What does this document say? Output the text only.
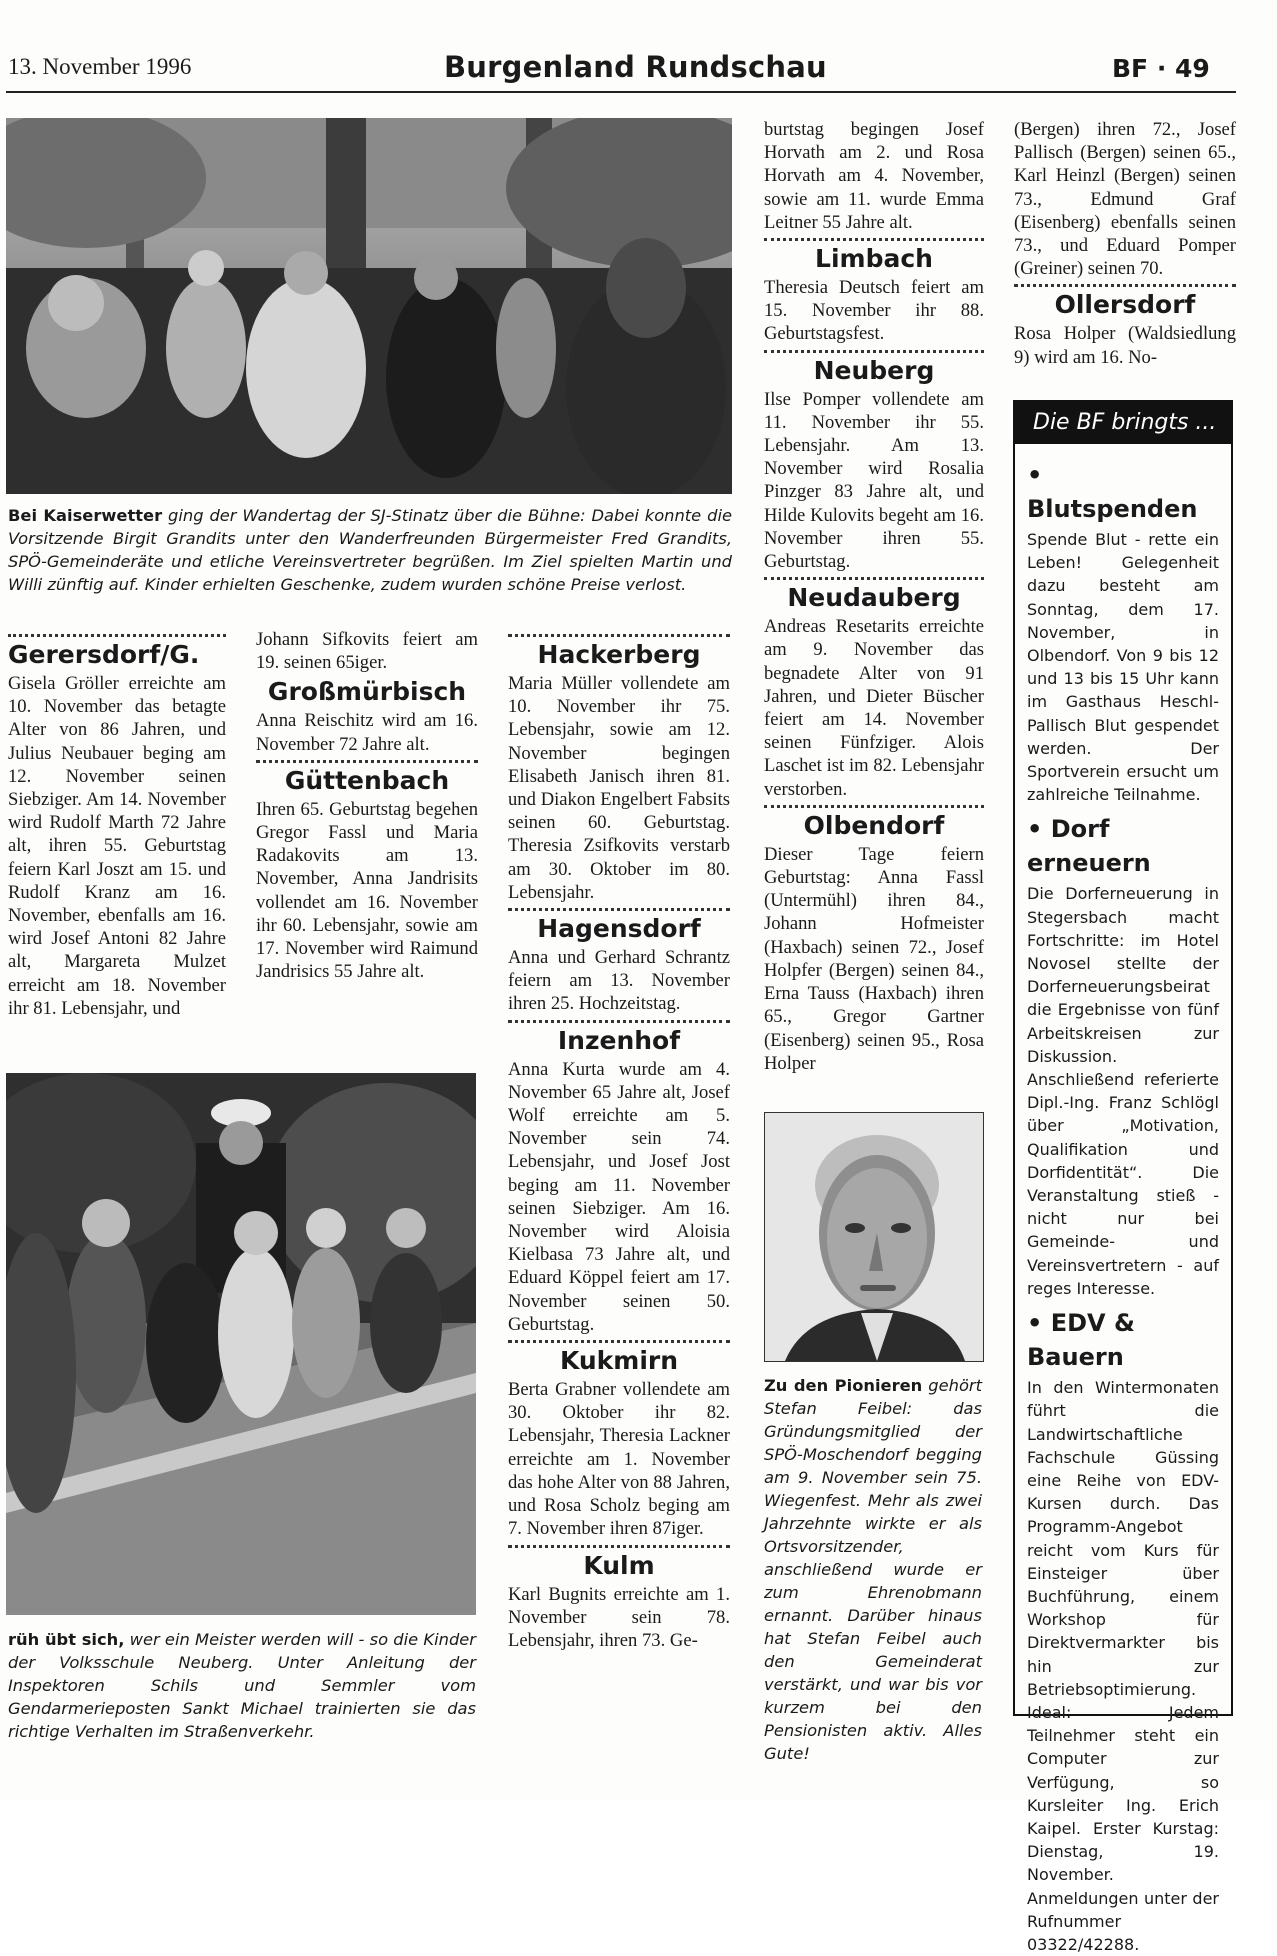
13. November 1996	Burgenland Rundschau	BF · 49
Bei Kaiserwetter ging der Wandertag der SJ-Stinatz über die Bühne: Dabei konnte die Vorsitzende Birgit Grandits unter den Wanderfreunden Bürgermeister Fred Grandits, SPÖ-Gemeinderäte und etliche Vereinsvertreter begrüßen. Im Ziel spielten Martin und Willi zünftig auf. Kinder erhielten Geschenke, zudem wurden schöne Preise verlost.
Gerersdorf/G.

Gisela Gröller erreichte am 10. November das betagte Alter von 86 Jahren, und Julius Neubauer beging am 12. November seinen Siebziger. Am 14. November wird Rudolf Marth 72 Jahre alt, ihren 55. Geburtstag feiern Karl Joszt am 15. und Rudolf Kranz am 16. November, ebenfalls am 16. wird Josef Antoni 82 Jahre alt, Margareta Mulzet erreicht am 18. November ihr 81. Lebensjahr, und

Johann Sifkovits feiert am 19. seinen 65iger.

Großmürbisch

Anna Reischitz wird am 16. November 72 Jahre alt.

Güttenbach

Ihren 65. Geburtstag begehen Gregor Fassl und Maria Radakovits am 13. November, Anna Jandrisits vollendet am 16. November ihr 60. Lebensjahr, sowie am 17. November wird Raimund Jandrisics 55 Jahre alt.

rüh übt sich, wer ein Meister werden will - so die Kinder der Volksschule Neuberg. Unter Anleitung der Inspektoren Schils und Semmler vom Gendarmerieposten Sankt Michael trainierten sie das richtige Verhalten im Straßenverkehr.
Hackerberg

Maria Müller vollendete am 10. November ihr 75. Lebensjahr, sowie am 12. November begingen Elisabeth Janisch ihren 81. und Diakon Engelbert Fabsits seinen 60. Geburtstag. Theresia Zsifkovits verstarb am 30. Oktober im 80. Lebensjahr.

Hagensdorf

Anna und Gerhard Schrantz feiern am 13. November ihren 25. Hochzeitstag.

Inzenhof

Anna Kurta wurde am 4. November 65 Jahre alt, Josef Wolf erreichte am 5. November sein 74. Lebensjahr, und Josef Jost beging am 11. November seinen Siebziger. Am 16. November wird Aloisia Kielbasa 73 Jahre alt, und Eduard Köppel feiert am 17. November seinen 50. Geburtstag.

Kukmirn

Berta Grabner vollendete am 30. Oktober ihr 82. Lebensjahr, Theresia Lackner erreichte am 1. November das hohe Alter von 88 Jahren, und Rosa Scholz beging am 7. November ihren 87iger.

Kulm

Karl Bugnits erreichte am 1. November sein 78. Lebensjahr, ihren 73. Ge-

burtstag begingen Josef Horvath am 2. und Rosa Horvath am 4. November, sowie am 11. wurde Emma Leitner 55 Jahre alt.

Limbach

Theresia Deutsch feiert am 15. November ihr 88. Geburtstagsfest.

Neuberg

Ilse Pomper vollendete am 11. November ihr 55. Lebensjahr. Am 13. November wird Rosalia Pinzger 83 Jahre alt, und Hilde Kulovits begeht am 16. November ihren 55. Geburtstag.

Neudauberg

Andreas Resetarits erreichte am 9. November das begnadete Alter von 91 Jahren, und Dieter Büscher feiert am 14. November seinen Fünfziger. Alois Laschet ist im 82. Lebensjahr verstorben.

Olbendorf

Dieser Tage feiern Geburtstag: Anna Fassl (Untermühl) ihren 84., Johann Hofmeister (Haxbach) seinen 72., Josef Holpfer (Bergen) seinen 84., Erna Tauss (Haxbach) ihren 65., Gregor Gartner (Eisenberg) seinen 95., Rosa Holper

Zu den Pionieren gehört Stefan Feibel: das Gründungsmitglied der SPÖ-Moschendorf begging am 9. November sein 75. Wiegenfest. Mehr als zwei Jahrzehnte wirkte er als Ortsvorsitzender, anschließend wurde er zum Ehrenobmann ernannt. Darüber hinaus hat Stefan Feibel auch den Gemeinderat verstärkt, und war bis vor kurzem bei den Pensionisten aktiv. Alles Gute!

(Bergen) ihren 72., Josef Pallisch (Bergen) seinen 65., Karl Heinzl (Bergen) seinen 73., Edmund Graf (Eisenberg) ebenfalls seinen 73., und Eduard Pomper (Greiner) seinen 70.

Ollersdorf

Rosa Holper (Waldsiedlung 9) wird am 16. No-

Die BF bringts ...
• Blutspenden
Spende Blut - rette ein Leben! Gelegenheit dazu besteht am Sonntag, dem 17. November, in Olbendorf. Von 9 bis 12 und 13 bis 15 Uhr kann im Gasthaus Heschl-Pallisch Blut gespendet werden. Der Sportverein ersucht um zahlreiche Teilnahme.
• Dorf erneuern
Die Dorferneuerung in Stegersbach macht Fortschritte: im Hotel Novosel stellte der Dorferneuerungsbeirat die Ergebnisse von fünf Arbeitskreisen zur Diskussion. Anschließend referierte Dipl.-Ing. Franz Schlögl über „Motivation, Qualifikation und Dorfidentität“. Die Veranstaltung stieß - nicht nur bei Gemeinde- und Vereinsvertretern - auf reges Interesse.
• EDV & Bauern
In den Wintermonaten führt die Landwirtschaftliche Fachschule Güssing eine Reihe von EDV-Kursen durch. Das Programm-Angebot reicht vom Kurs für Einsteiger über Buchführung, einem Workshop für Direktvermarkter bis hin zur Betriebsoptimierung. Ideal: Jedem Teilnehmer steht ein Computer zur Verfügung, so Kursleiter Ing. Erich Kaipel. Erster Kurstag: Dienstag, 19. November. Anmeldungen unter der Rufnummer 03322/42288.
